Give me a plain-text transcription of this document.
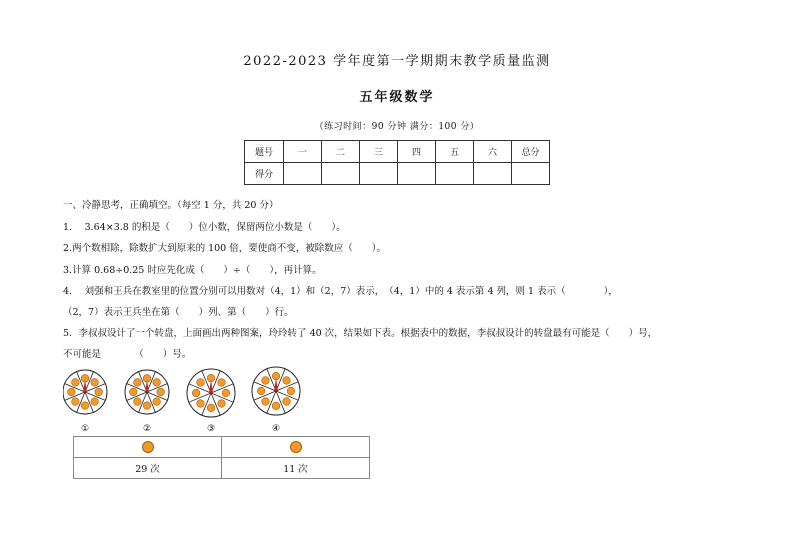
2022-2023 学年度第一学期期末教学质量监测
五年级数学
（练习时间：90 分钟 满分：100 分）
题号	一	二	三	四	五	六	总分
得分							
一、冷静思考，正确填空。（每空 1 分，共 20 分）
1.　 3.64×3.8 的积是（　　）位小数，保留两位小数是（　　）。
2.两个数相除，除数扩大到原来的 100 倍，要使商不变，被除数应（　　）。
3.计算 0.68÷0.25 时应先化成（　　）÷（　　），再计算。
4.　 刘强和王兵在教室里的位置分别可以用数对（4，1）和（2，7）表示，　（4，1）中的 4 表示第 4 列，则 1 表示（　　　　），
（2，7）表示王兵坐在第（　　）列、第（　　）行。
5．李叔叔设计了一个转盘，上面画出两种图案，玲玲转了 40 次，结果如下表。根据表中的数据，李叔叔设计的转盘最有可能是（　　）号，
不可能是　　　　（　　）号。
①	②	③	④

29 次	11 次
